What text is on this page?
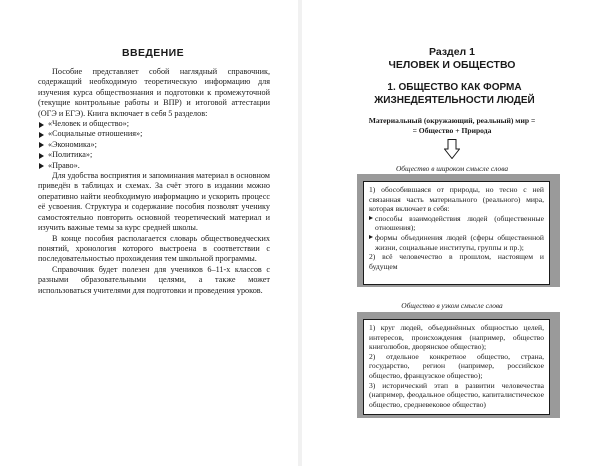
ВВЕДЕНИЕ

Пособие представляет собой наглядный справочник, содержащий необходимую теоретическую информацию для изучения курса обществознания и подготовки к промежуточной (текущие контрольные работы и ВПР) и итоговой аттестации (ОГЭ и ЕГЭ). Книга включает в себя 5 разделов:

«Человек и общество»;
«Социальные отношения»;
«Экономика»;
«Политика»;
«Право».

Для удобства восприятия и запоминания материал в основном приведён в таблицах и схемах. За счёт этого в издании можно оперативно найти необходимую информацию и ускорить процесс её усвоения. Структура и содержание пособия позволят ученику самостоятельно повторить основной теоретический материал и изучить важные темы за курс средней школы.

В конце пособия располагается словарь обществоведческих понятий, хронология которого выстроена в соответствии с последовательностью прохождения тем школьной программы.

Справочник будет полезен для учеников 6–11-х классов с разными образовательными целями, а также может использоваться учителями для подготовки и проведения уроков.

Раздел 1
ЧЕЛОВЕК И ОБЩЕСТВО
1. ОБЩЕСТВО КАК ФОРМА
ЖИЗНЕДЕЯТЕЛЬНОСТИ ЛЮДЕЙ
Материальный (окружающий, реальный) мир =
= Общество + Природа
Общество в широком смысле слова

1) обособившаяся от природы, но тесно с ней связанная часть материального (реального) мира, которая включает в себя:

способы взаимодействия людей (общественные отношения);

формы объединения людей (сферы общественной жизни, социальные институты, группы и пр.);

2) всё человечество в прошлом, настоящем и будущем

Общество в узком смысле слова

1) круг людей, объединённых общностью целей, интересов, происхождения (например, общество книголюбов, дворянское общество);

2) отдельное конкретное общество, страна, государство, регион (например, российское общество, французское общество);

3) исторический этап в развитии человечества (например, феодальное общество, капиталистическое общество, средневековое общество)
